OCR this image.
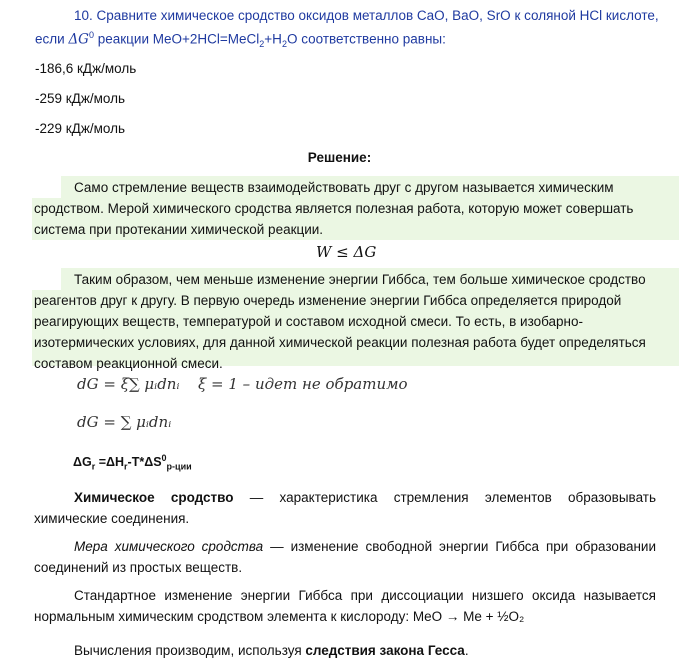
10. Сравните химическое сродство оксидов металлов CaO, BaO, SrO к соляной HCl кислоте,
если $\Delta G^0$ реакции $MeO+2HCl=MeCl_2+H_2O$ соответственно равны:
-186,6 кДж/моль
-259 кДж/моль
-229 кДж/моль
Решение:
Само стремление веществ взаимодействовать друг с другом называется химическим сродством. Мерой химического сродства является полезная работа, которую может совершать система при протекании химической реакции.
W ≤ ΔG
Таким образом, чем меньше изменение энергии Гиббса, тем больше химическое сродство реагентов друг к другу. В первую очередь изменение энергии Гиббса определяется природой реагирующих веществ, температурой и составом исходной смеси. То есть, в изобарно-изотермических условиях, для данной химической реакции полезная работа будет определяться составом реакционной смеси.
dG = ξ∑ μᵢdnᵢ ξ = 1 – идет не обратимо
dG = ∑ μᵢdnᵢ
$\Delta G_r =\Delta H_r-T*\Delta S^0_{р-ции}$
Химическое сродство — характеристика стремления элементов образовывать химические соединения.
Мера химического сродства — изменение свободной энергии Гиббса при образовании соединений из простых веществ.
Стандартное изменение энергии Гиббса при диссоциации низшего оксида называется нормальным химическим сродством элемента к кислороду: MeO → Me + ½O₂
Вычисления производим, используя следствия закона Гесса.
